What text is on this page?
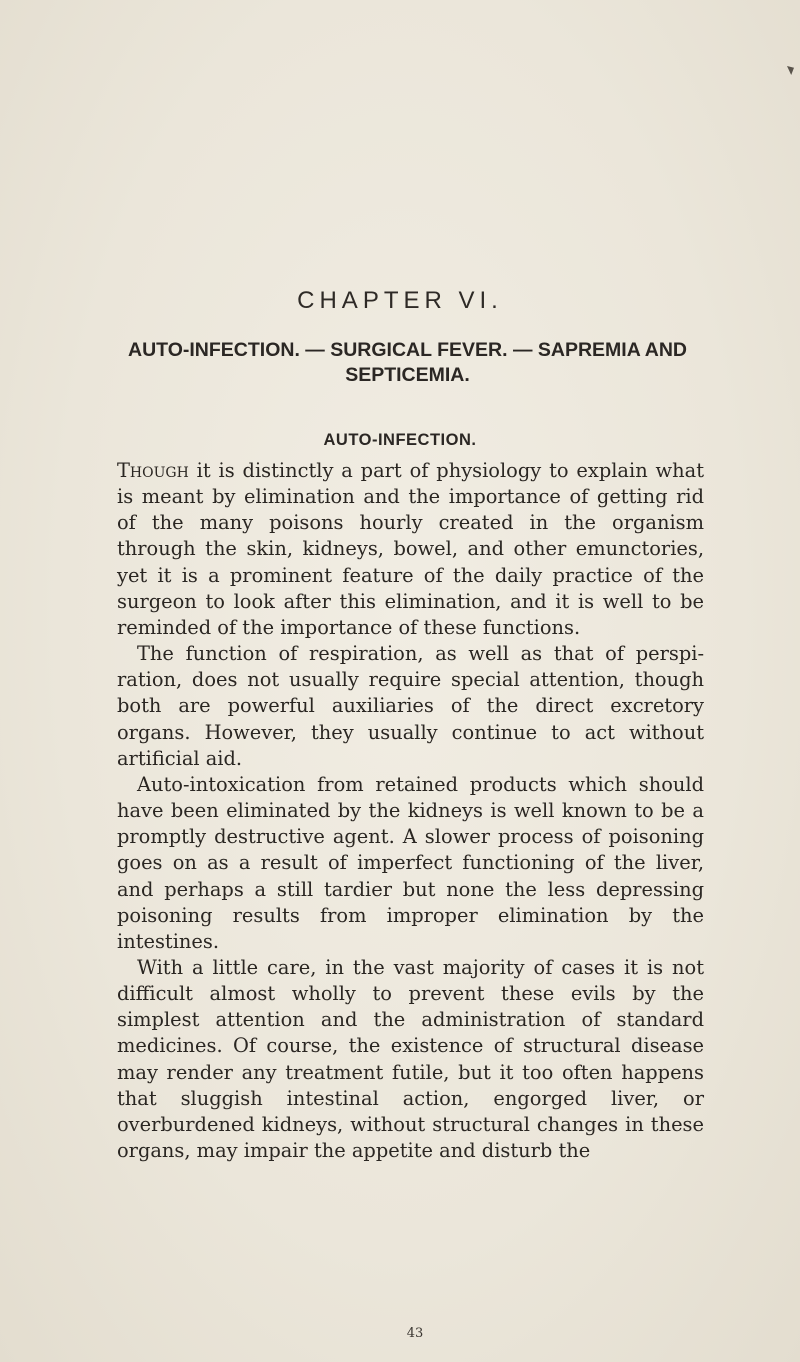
CHAPTER VI.
AUTO-INFECTION. — SURGICAL FEVER. — SAPREMIA AND SEPTICEMIA.
AUTO-INFECTION.

Though it is distinctly a part of physiology to explain what is meant by elimination and the importance of getting rid of the many poisons hourly created in the organism through the skin, kidneys, bowel, and other emunctories, yet it is a prominent feature of the daily practice of the surgeon to look after this elimination, and it is well to be reminded of the importance of these functions.

The function of respiration, as well as that of perspiration, does not usually require special attention, though both are powerful auxiliaries of the direct excretory organs. However, they usually continue to act without artificial aid.

Auto-intoxication from retained products which should have been eliminated by the kidneys is well known to be a promptly destructive agent. A slower process of poisoning goes on as a result of imperfect functioning of the liver, and perhaps a still tardier but none the less depressing poisoning results from improper elimination by the intestines.

With a little care, in the vast majority of cases it is not difficult almost wholly to prevent these evils by the simplest attention and the administration of standard medicines. Of course, the existence of structural disease may render any treatment futile, but it too often happens that sluggish intestinal action, engorged liver, or overburdened kidneys, without structural changes in these organs, may impair the appetite and disturb the

43
